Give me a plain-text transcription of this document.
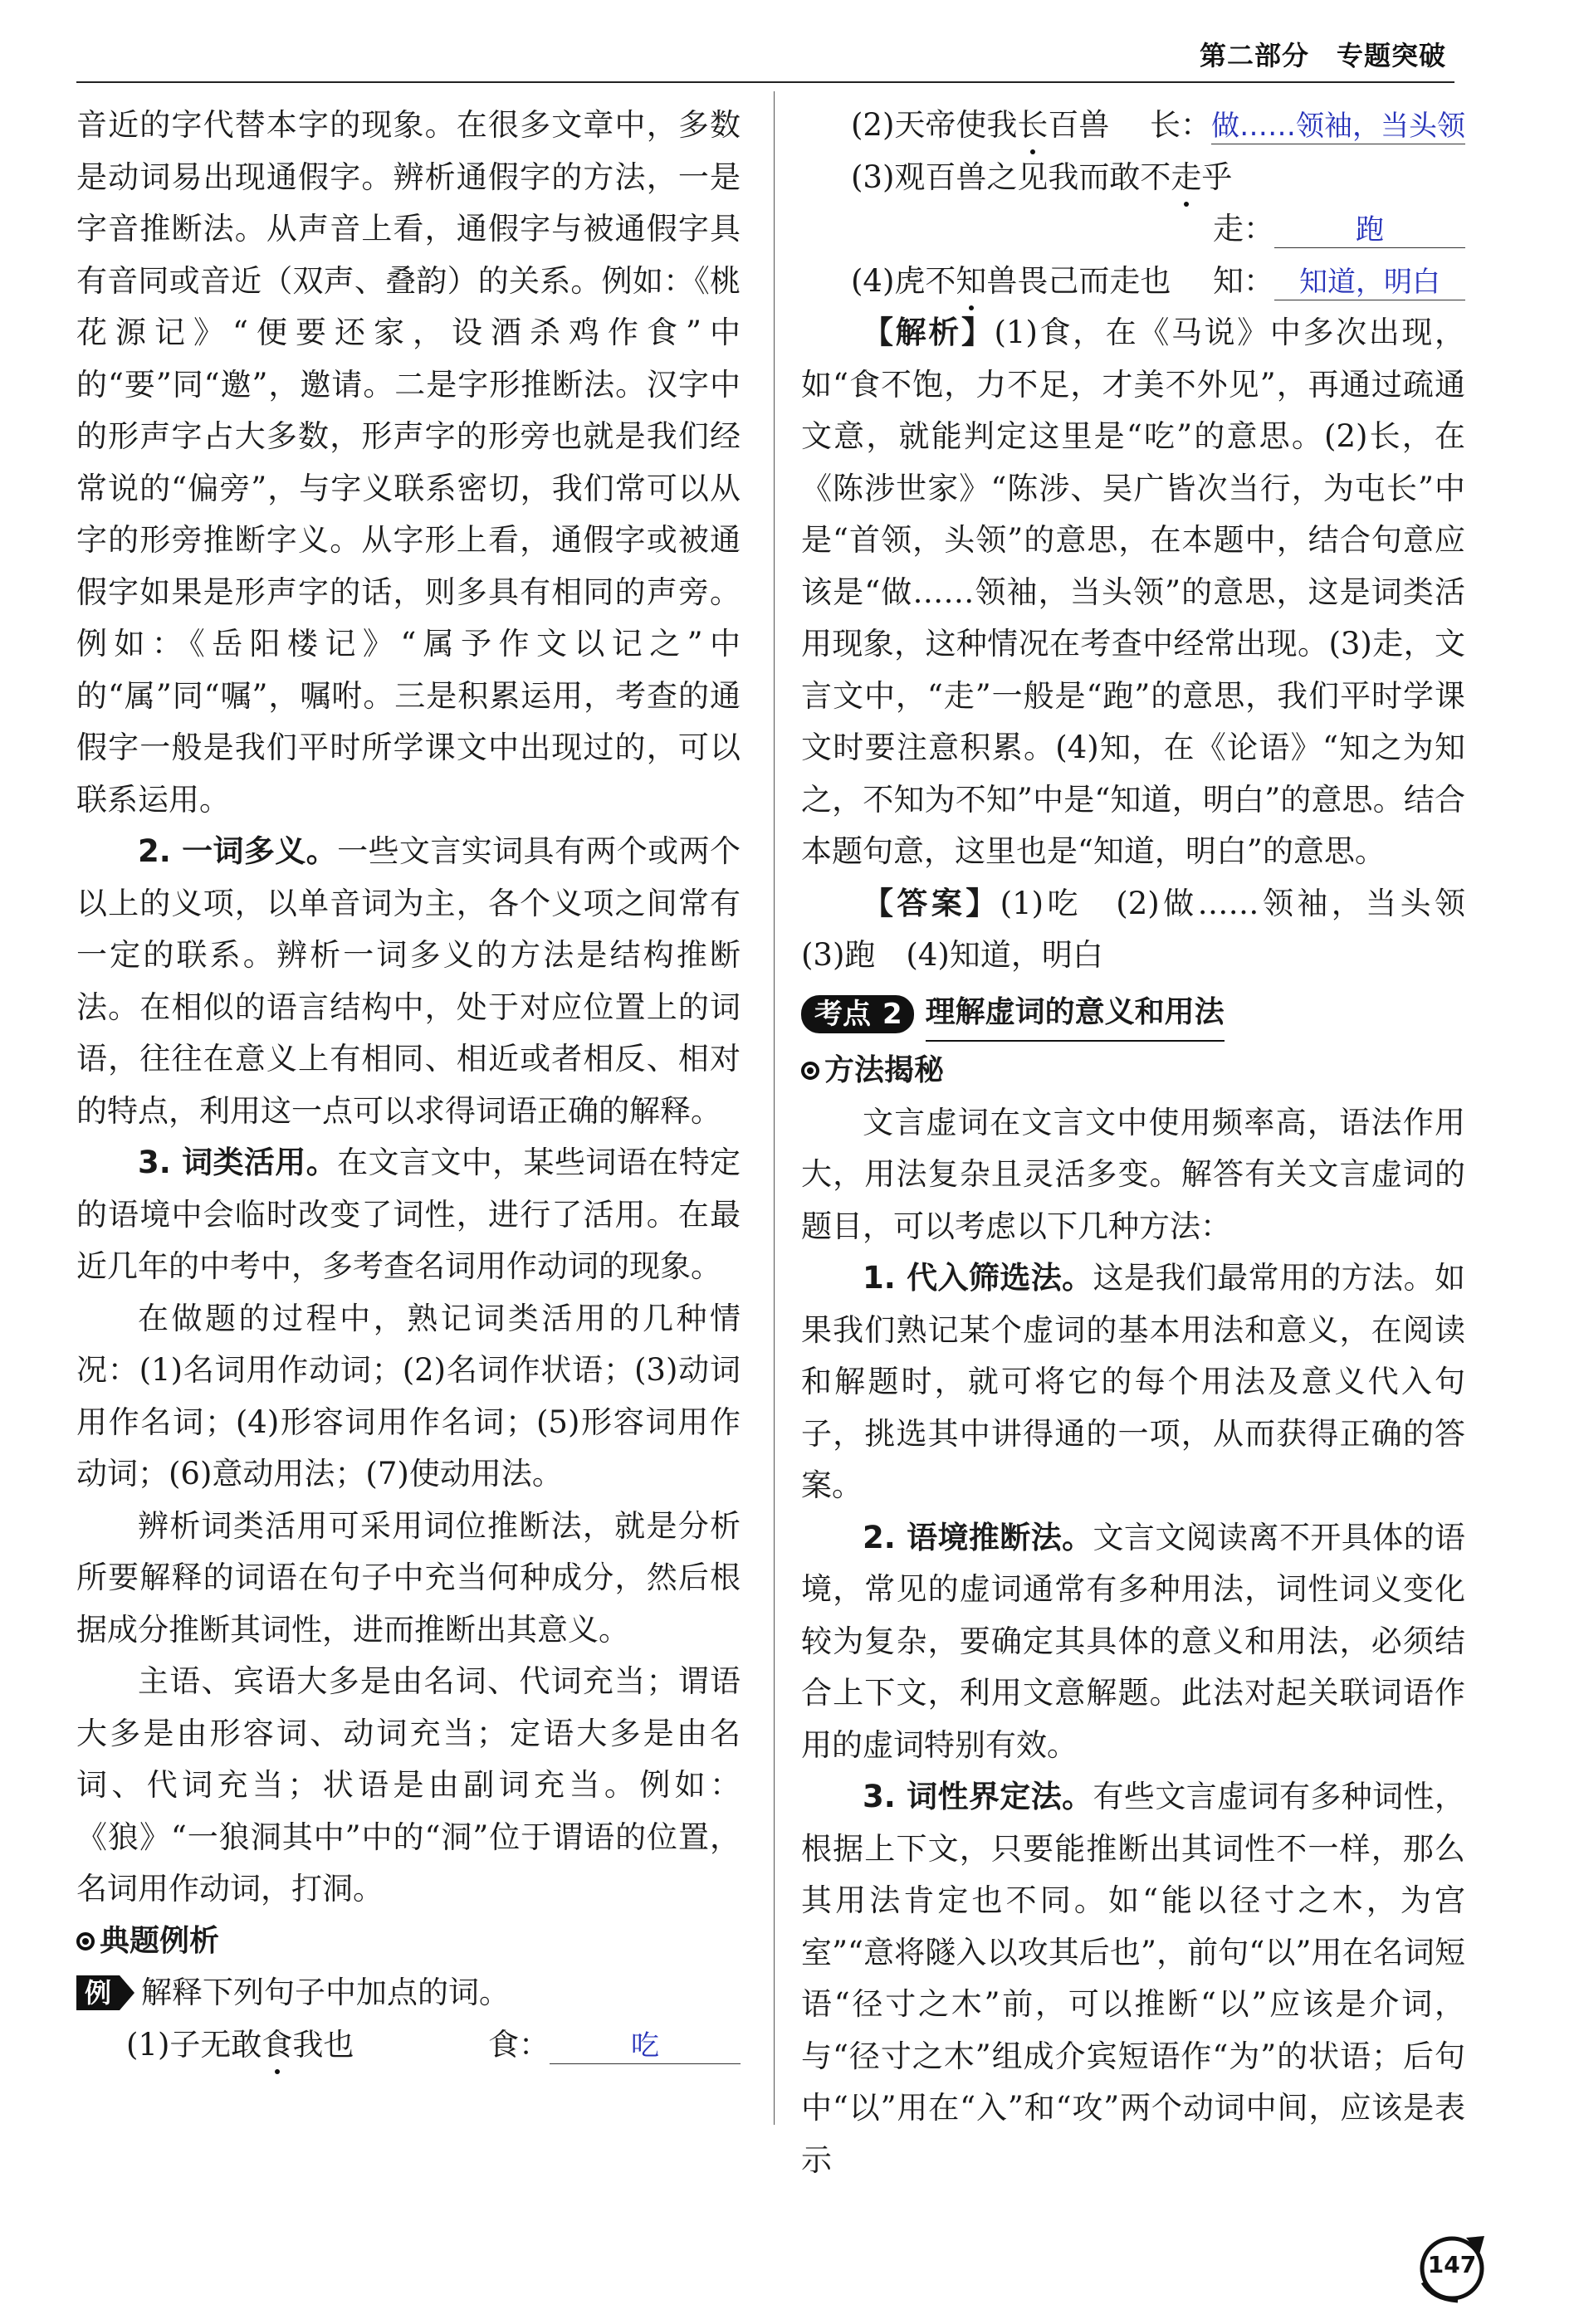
第二部分　专题突破

音近的字代替本字的现象。在很多文章中，多数是动词易出现通假字。辨析通假字的方法，一是字音推断法。从声音上看，通假字与被通假字具有音同或音近（双声、叠韵）的关系。例如：《桃花源记》“便要还家，设酒杀鸡作食”中的“要”同“邀”，邀请。二是字形推断法。汉字中的形声字占大多数，形声字的形旁也就是我们经常说的“偏旁”，与字义联系密切，我们常可以从字的形旁推断字义。从字形上看，通假字或被通假字如果是形声字的话，则多具有相同的声旁。例如：《岳阳楼记》“属予作文以记之”中的“属”同“嘱”，嘱咐。三是积累运用，考查的通假字一般是我们平时所学课文中出现过的，可以联系运用。

2. 一词多义。一些文言实词具有两个或两个以上的义项，以单音词为主，各个义项之间常有一定的联系。辨析一词多义的方法是结构推断法。在相似的语言结构中，处于对应位置上的词语，往往在意义上有相同、相近或者相反、相对的特点，利用这一点可以求得词语正确的解释。

3. 词类活用。在文言文中，某些词语在特定的语境中会临时改变了词性，进行了活用。在最近几年的中考中，多考查名词用作动词的现象。

在做题的过程中，熟记词类活用的几种情况：(1)名词用作动词；(2)名词作状语；(3)动词用作名词；(4)形容词用作名词；(5)形容词用作动词；(6)意动用法；(7)使动用法。

辨析词类活用可采用词位推断法，就是分析所要解释的词语在句子中充当何种成分，然后根据成分推断其词性，进而推断出其意义。

主语、宾语大多是由名词、代词充当；谓语大多是由形容词、动词充当；定语大多是由名词、代词充当；状语是由副词充当。例如：《狼》“一狼洞其中”中的“洞”位于谓语的位置，名词用作动词，打洞。

典题例析
例 解释下列句子中加点的词。
(1)子无敢食我也	食：	吃
(2)天帝使我长百兽	长：做……领袖，当头领
(3)观百兽之见我而敢不走乎
走：	跑
(4)虎不知兽畏己而走也	知： 知道，明白

【解析】(1)食，在《马说》中多次出现，如“食不饱，力不足，才美不外见”，再通过疏通文意，就能判定这里是“吃”的意思。(2)长，在《陈涉世家》“陈涉、吴广皆次当行，为屯长”中是“首领，头领”的意思，在本题中，结合句意应该是“做……领袖，当头领”的意思，这是词类活用现象，这种情况在考查中经常出现。(3)走，文言文中，“走”一般是“跑”的意思，我们平时学课文时要注意积累。(4)知，在《论语》“知之为知之，不知为不知”中是“知道，明白”的意思。结合本题句意，这里也是“知道，明白”的意思。

【答案】(1)吃　(2)做……领袖，当头领　(3)跑　(4)知道，明白

考点 2 理解虚词的意义和用法
方法揭秘

文言虚词在文言文中使用频率高，语法作用大，用法复杂且灵活多变。解答有关文言虚词的题目，可以考虑以下几种方法：

1. 代入筛选法。这是我们最常用的方法。如果我们熟记某个虚词的基本用法和意义，在阅读和解题时，就可将它的每个用法及意义代入句子，挑选其中讲得通的一项，从而获得正确的答案。

2. 语境推断法。文言文阅读离不开具体的语境，常见的虚词通常有多种用法，词性词义变化较为复杂，要确定其具体的意义和用法，必须结合上下文，利用文意解题。此法对起关联词语作用的虚词特别有效。

3. 词性界定法。有些文言虚词有多种词性，根据上下文，只要能推断出其词性不一样，那么其用法肯定也不同。如“能以径寸之木，为宫室”“意将隧入以攻其后也”，前句“以”用在名词短语“径寸之木”前，可以推断“以”应该是介词，与“径寸之木”组成介宾短语作“为”的状语；后句中“以”用在“入”和“攻”两个动词中间，应该是表示

147
